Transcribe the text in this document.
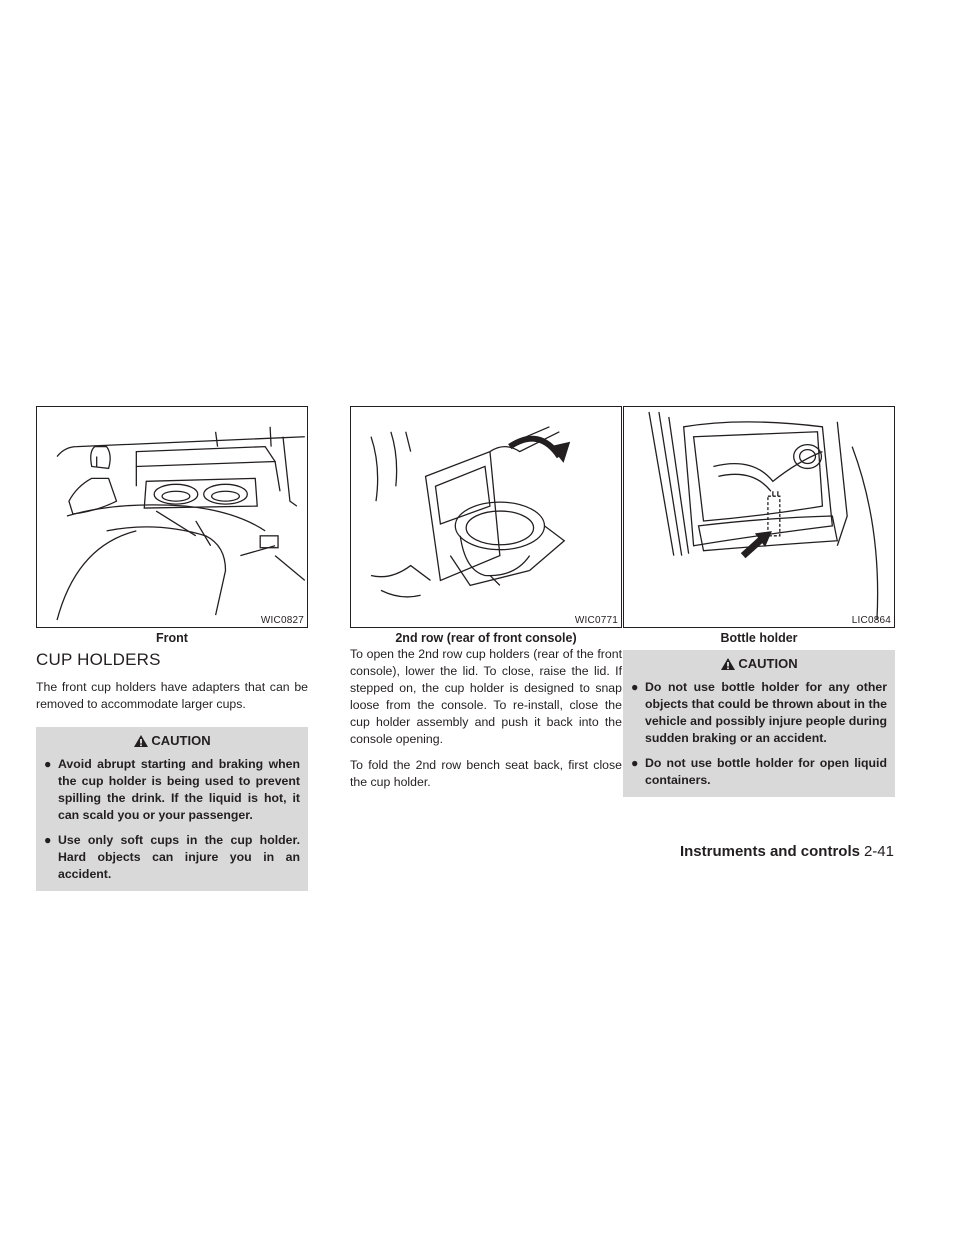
WIC0827
Front
CUP HOLDERS

The front cup holders have adapters that can be removed to accommodate larger cups.

CAUTION
● Avoid abrupt starting and braking when the cup holder is being used to prevent spilling the drink. If the liquid is hot, it can scald you or your passenger.
● Use only soft cups in the cup holder. Hard objects can injure you in an accident.
WIC0771
2nd row (rear of front console)

To open the 2nd row cup holders (rear of the front console), lower the lid. To close, raise the lid. If stepped on, the cup holder is designed to snap loose from the console. To re-install, close the cup holder assembly and push it back into the console opening.

To fold the 2nd row bench seat back, first close the cup holder.

LIC0864
Bottle holder
CAUTION
● Do not use bottle holder for any other objects that could be thrown about in the vehicle and possibly injure people during sudden braking or an accident.
● Do not use bottle holder for open liquid containers.
Instruments and controls 2-41
